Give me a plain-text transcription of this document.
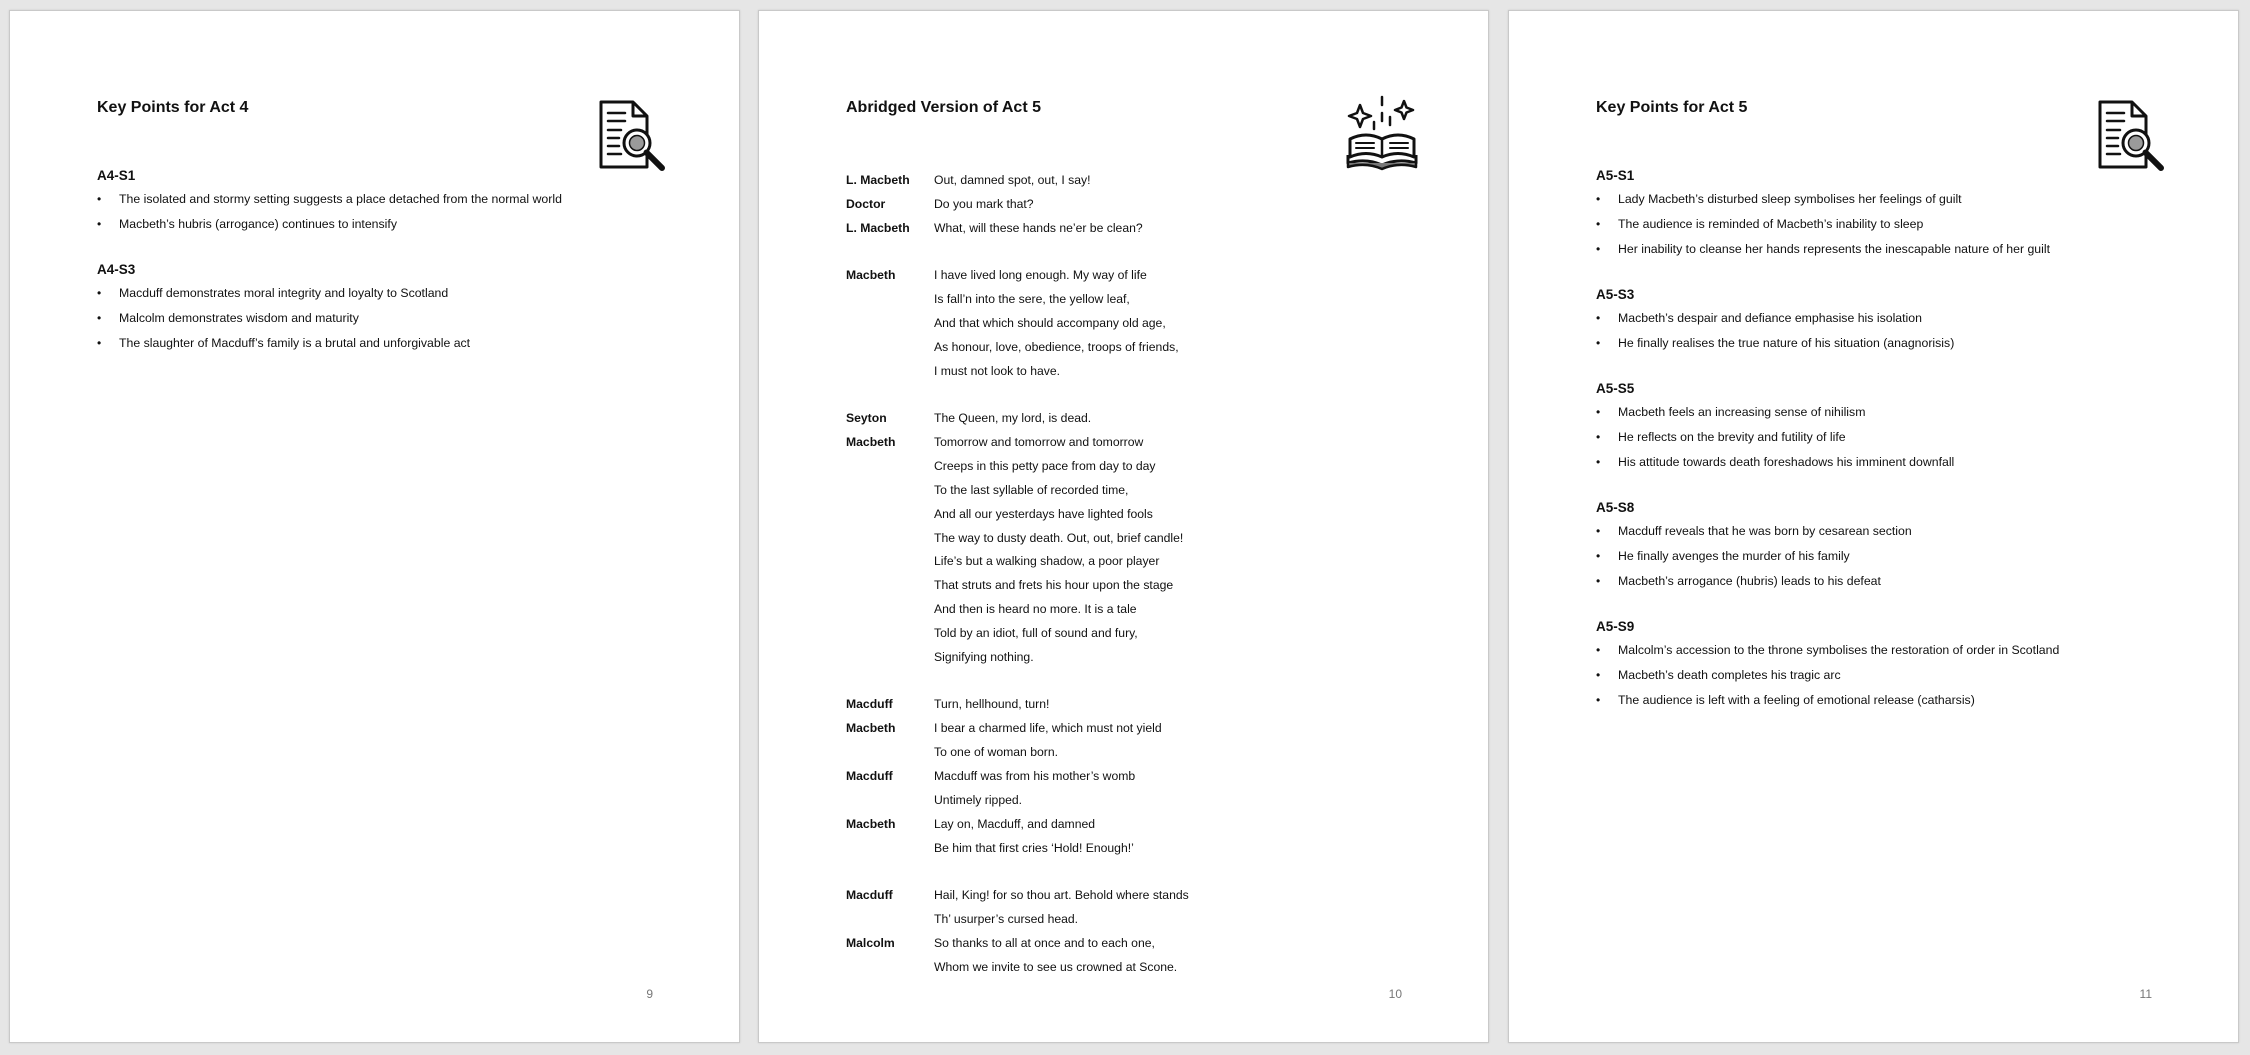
Key Points for Act 4
A4-S1
• The isolated and stormy setting suggests a place detached from the normal world
• Macbeth’s hubris (arrogance) continues to intensify
A4-S3
• Macduff demonstrates moral integrity and loyalty to Scotland
• Malcolm demonstrates wisdom and maturity
• The slaughter of Macduff’s family is a brutal and unforgivable act
9
Abridged Version of Act 5
L. Macbeth	Out, damned spot, out, I say!
Doctor	Do you mark that?
L. Macbeth	What, will these hands ne’er be clean?
Macbeth	I have lived long enough. My way of life
Is fall’n into the sere, the yellow leaf,
And that which should accompany old age,
As honour, love, obedience, troops of friends,
I must not look to have.
Seyton	The Queen, my lord, is dead.
Macbeth	Tomorrow and tomorrow and tomorrow
Creeps in this petty pace from day to day
To the last syllable of recorded time,
And all our yesterdays have lighted fools
The way to dusty death. Out, out, brief candle!
Life’s but a walking shadow, a poor player
That struts and frets his hour upon the stage
And then is heard no more. It is a tale
Told by an idiot, full of sound and fury,
Signifying nothing.
Macduff	Turn, hellhound, turn!
Macbeth	I bear a charmed life, which must not yield
To one of woman born.
Macduff	Macduff was from his mother’s womb
Untimely ripped.
Macbeth	Lay on, Macduff, and damned
Be him that first cries ‘Hold! Enough!’
Macduff	Hail, King! for so thou art. Behold where stands
Th’ usurper’s cursed head.
Malcolm	So thanks to all at once and to each one,
Whom we invite to see us crowned at Scone.
10
Key Points for Act 5
A5-S1
• Lady Macbeth’s disturbed sleep symbolises her feelings of guilt
• The audience is reminded of Macbeth’s inability to sleep
• Her inability to cleanse her hands represents the inescapable nature of her guilt
A5-S3
• Macbeth’s despair and defiance emphasise his isolation
• He finally realises the true nature of his situation (anagnorisis)
A5-S5
• Macbeth feels an increasing sense of nihilism
• He reflects on the brevity and futility of life
• His attitude towards death foreshadows his imminent downfall
A5-S8
• Macduff reveals that he was born by cesarean section
• He finally avenges the murder of his family
• Macbeth’s arrogance (hubris) leads to his defeat
A5-S9
• Malcolm’s accession to the throne symbolises the restoration of order in Scotland
• Macbeth’s death completes his tragic arc
• The audience is left with a feeling of emotional release (catharsis)
11
